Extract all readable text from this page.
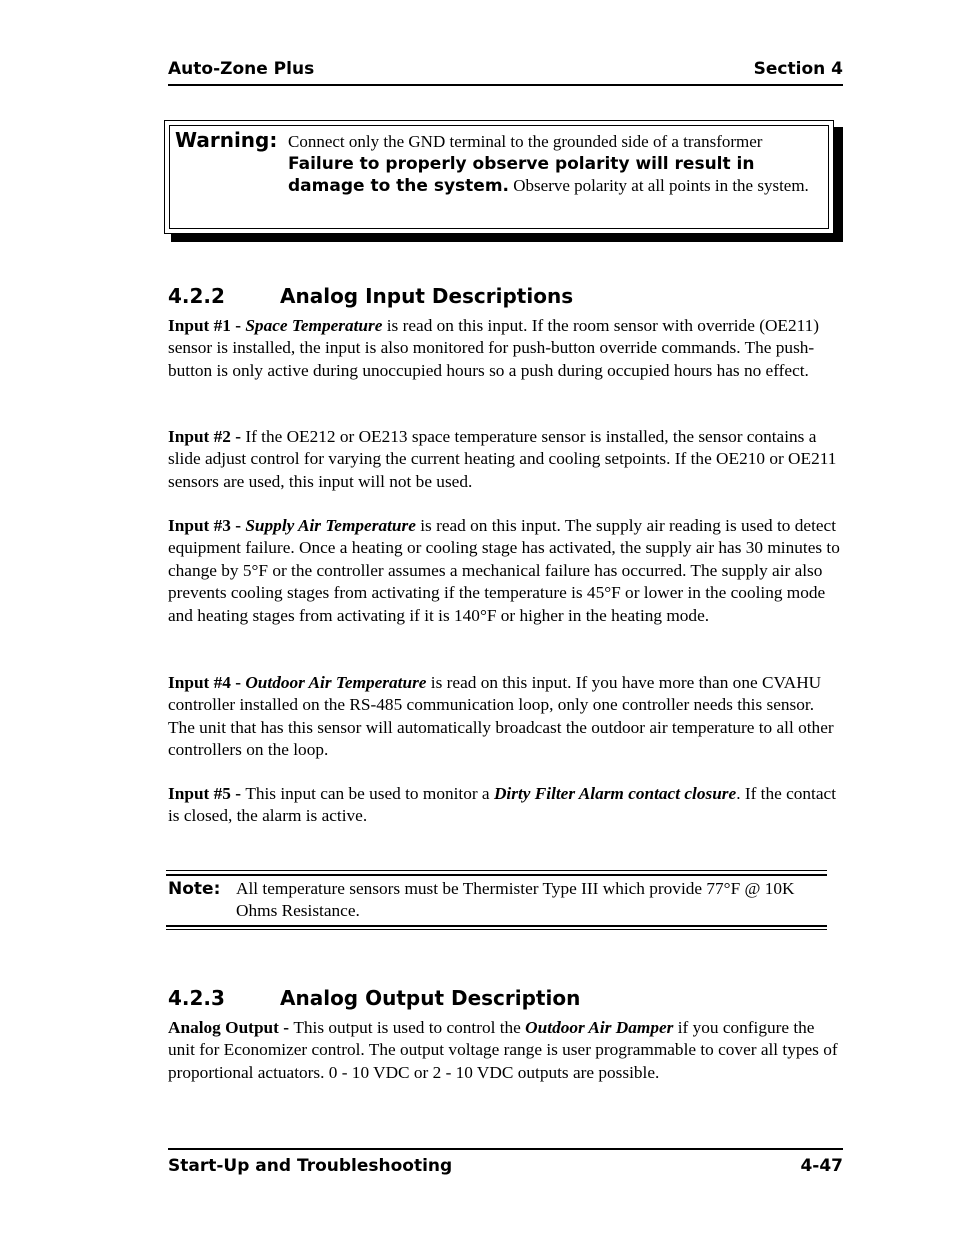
Auto-Zone Plus	Section 4
Warning: Connect only the GND terminal to the grounded side of a transformer Failure to properly observe polarity will result in damage to the system. Observe polarity at all points in the system.
4.2.2	Analog Input Descriptions
Input #1 - Space Temperature is read on this input. If the room sensor with override (OE211) sensor is installed, the input is also monitored for push-button override commands. The push-button is only active during unoccupied hours so a push during occupied hours has no effect.
Input #2 - If the OE212 or OE213 space temperature sensor is installed, the sensor contains a slide adjust control for varying the current heating and cooling setpoints. If the OE210 or OE211 sensors are used, this input will not be used.
Input #3 - Supply Air Temperature is read on this input. The supply air reading is used to detect equipment failure. Once a heating or cooling stage has activated, the supply air has 30 minutes to change by 5°F or the controller assumes a mechanical failure has occurred. The supply air also prevents cooling stages from activating if the temperature is 45°F or lower in the cooling mode and heating stages from activating if it is 140°F or higher in the heating mode.
Input #4 - Outdoor Air Temperature is read on this input. If you have more than one CVAHU controller installed on the RS-485 communication loop, only one controller needs this sensor. The unit that has this sensor will automatically broadcast the outdoor air temperature to all other controllers on the loop.
Input #5 - This input can be used to monitor a Dirty Filter Alarm contact closure. If the contact is closed, the alarm is active.
Note: All temperature sensors must be Thermister Type III which provide 77°F @ 10K Ohms Resistance.
4.2.3	Analog Output Description
Analog Output - This output is used to control the Outdoor Air Damper if you configure the unit for Economizer control. The output voltage range is user programmable to cover all types of proportional actuators. 0 - 10 VDC or 2 - 10 VDC outputs are possible.
Start-Up and Troubleshooting	4-47
